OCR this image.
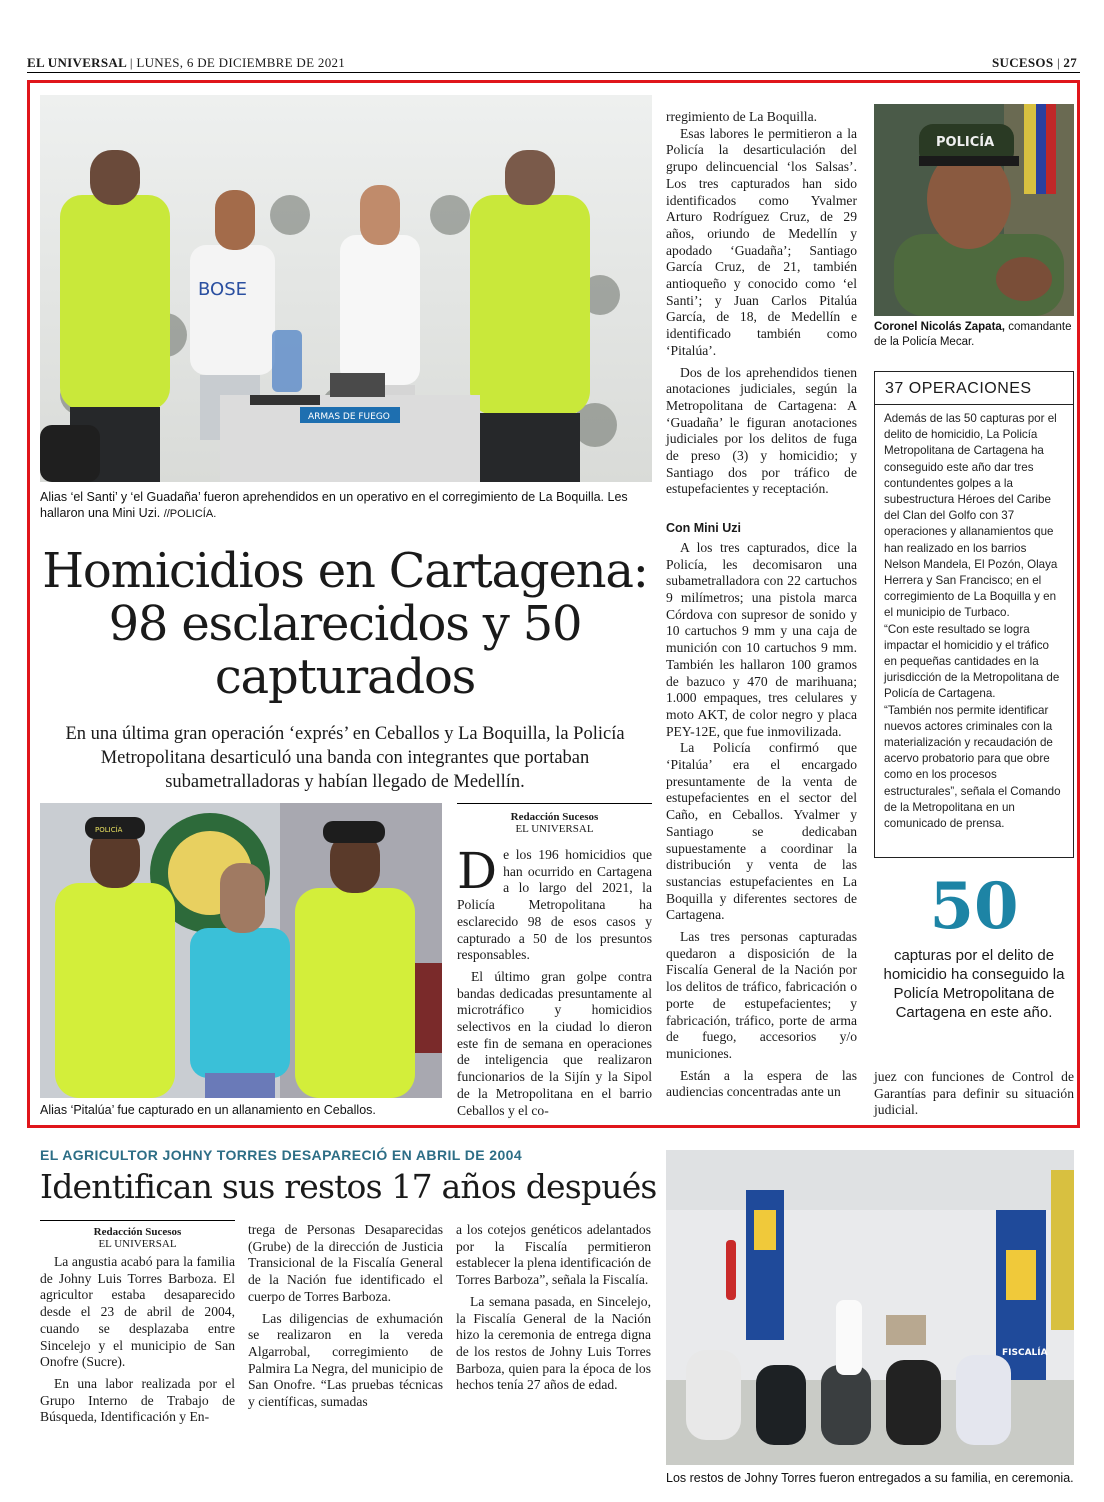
EL UNIVERSAL | LUNES, 6 DE DICIEMBRE DE 2021	SUCESOS | 27
BOSE
ARMAS DE FUEGO
Alias ‘el Santi’ y ‘el Guadaña’ fueron aprehendidos en un operativo en el corregimiento de La Boquilla. Les hallaron una Mini Uzi. //POLICÍA.
Homicidios en Cartagena: 98 esclarecidos y 50 capturados
En una última gran operación ‘exprés’ en Ceballos y La Boquilla, la Policía Metropolitana desarticuló una banda con integrantes que portaban subametralladoras y habían llegado de Medellín.
POLICÍA
Alias ‘Pitalúa’ fue capturado en un allanamiento en Ceballos.
Redacción Sucesos
EL UNIVERSAL

De los 196 homicidios que han ocurrido en Cartagena a lo largo del 2021, la Policía Metropolitana ha esclarecido 98 de esos casos y capturado a 50 de los presuntos responsables.

El último gran golpe contra bandas dedicadas presuntamente al microtráfico y homicidios selectivos en la ciudad lo dieron este fin de semana en operaciones de inteligencia que realizaron funcionarios de la Sijín y la Sipol de la Metropolitana en el barrio Ceballos y el co-

rregimiento de La Boquilla.

Esas labores le permitieron a la Policía la desarticulación del grupo delincuencial ‘los Salsas’. Los tres capturados han sido identificados como Yvalmer Arturo Rodríguez Cruz, de 29 años, oriundo de Medellín y apodado ‘Guadaña’; Santiago García Cruz, de 21, también antioqueño y conocido como ‘el Santi’; y Juan Carlos Pitalúa García, de 18, de Medellín e identificado también como ‘Pitalúa’.

Dos de los aprehendidos tienen anotaciones judiciales, según la Metropolitana de Cartagena: A ‘Guadaña’ le figuran anotaciones judiciales por los delitos de fuga de preso (3) y homicidio; y Santiago dos por tráfico de estupefacientes y receptación.

Con Mini Uzi

A los tres capturados, dice la Policía, les decomisaron una subametralladora con 22 cartuchos 9 milímetros; una pistola marca Córdova con supresor de sonido y 10 cartuchos 9 mm y una caja de munición con 10 cartuchos 9 mm. También les hallaron 100 gramos de bazuco y 470 de marihuana; 1.000 empaques, tres celulares y moto AKT, de color negro y placa PEY-12E, que fue inmovilizada.

La Policía confirmó que ‘Pitalúa’ era el encargado presuntamente de la venta de estupefacientes en el sector del Caño, en Ceballos. Yvalmer y Santiago se dedicaban supuestamente a coordinar la distribución y venta de las sustancias estupefacientes en La Boquilla y diferentes sectores de Cartagena.

Las tres personas capturadas quedaron a disposición de la Fiscalía General de la Nación por los delitos de tráfico, fabricación o porte de estupefacientes; y fabricación, tráfico, porte de arma de fuego, accesorios y/o municiones.

Están a la espera de las audiencias concentradas ante un

POLICÍA
Coronel Nicolás Zapata, comandante de la Policía Mecar.
37 OPERACIONES
Además de las 50 capturas por el delito de homicidio, La Policía Metropolitana de Cartagena ha conseguido este año dar tres contundentes golpes a la subestructura Héroes del Caribe del Clan del Golfo con 37 operaciones y allanamientos que han realizado en los barrios Nelson Mandela, El Pozón, Olaya Herrera y San Francisco; en el corregimiento de La Boquilla y en el municipio de Turbaco.
“Con este resultado se logra impactar el homicidio y el tráfico en pequeñas cantidades en la jurisdicción de la Metropolitana de Policía de Cartagena.
“También nos permite identificar nuevos actores criminales con la materialización y recaudación de acervo probatorio para que obre como en los procesos estructurales”, señala el Comando de la Metropolitana en un comunicado de prensa.
50
capturas por el delito de homicidio ha conseguido la Policía Metropolitana de Cartagena en este año.

juez con funciones de Control de Garantías para definir su situación judicial.

EL AGRICULTOR JOHNY TORRES DESAPARECIÓ EN ABRIL DE 2004
Identifican sus restos 17 años después
Redacción Sucesos
EL UNIVERSAL

La angustia acabó para la familia de Johny Luis Torres Barboza. El agricultor estaba desaparecido desde el 23 de abril de 2004, cuando se desplazaba entre Sincelejo y el municipio de San Onofre (Sucre).

En una labor realizada por el Grupo Interno de Trabajo de Búsqueda, Identificación y En-

trega de Personas Desaparecidas (Grube) de la dirección de Justicia Transicional de la Fiscalía General de la Nación fue identificado el cuerpo de Torres Barboza.

Las diligencias de exhumación se realizaron en la vereda Algarrobal, corregimiento de Palmira La Negra, del municipio de San Onofre. “Las pruebas técnicas y científicas, sumadas

a los cotejos genéticos adelantados por la Fiscalía permitieron establecer la plena identificación de Torres Barboza”, señala la Fiscalía.

La semana pasada, en Sincelejo, la Fiscalía General de la Nación hizo la ceremonia de entrega digna de los restos de Johny Luis Torres Barboza, quien para la época de los hechos tenía 27 años de edad.

FISCALÍA
Los restos de Johny Torres fueron entregados a su familia, en ceremonia.
